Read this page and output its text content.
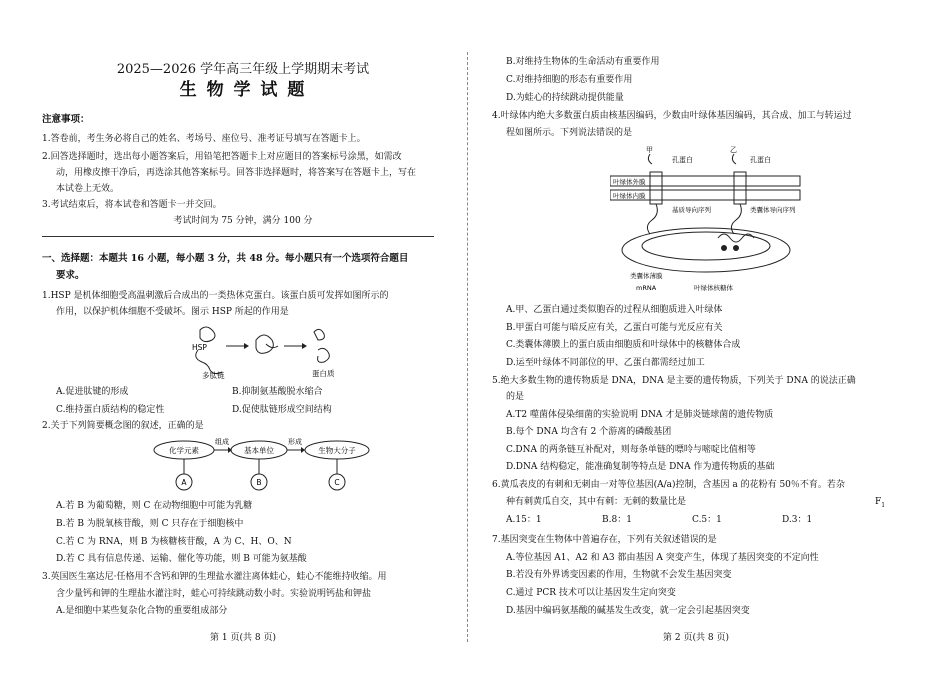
2025—2026 学年高三年级上学期期末考试
生 物 学 试 题
注意事项：
1.答卷前，考生务必将自己的姓名、考场号、座位号、准考证号填写在答题卡上。
2.回答选择题时，选出每小题答案后，用铅笔把答题卡上对应题目的答案标号涂黑，如需改
动，用橡皮擦干净后，再选涂其他答案标号。回答非选择题时，将答案写在答题卡上，写在
本试卷上无效。
3.考试结束后，将本试卷和答题卡一并交回。
考试时间为 75 分钟，满分 100 分
一、选择题：本题共 16 小题，每小题 3 分，共 48 分。每小题只有一个选项符合题目
要求。
1.HSP 是机体细胞受高温刺激后合成出的一类热休克蛋白。该蛋白质可发挥如图所示的
作用，以保护机体细胞不受破坏。图示 HSP 所起的作用是
HSP
多肽链	蛋白质
A.促进肽键的形成	B.抑制氨基酸脱水缩合
C.维持蛋白质结构的稳定性	D.促使肽链形成空间结构
2.关于下列简要概念图的叙述，正确的是
化学元素	基本单位	生物大分子
组成	形成
A	B	C
A.若 B 为葡萄糖，则 C 在动物细胞中可能为乳糖
B.若 B 为脱氧核苷酸，则 C 只存在于细胞核中
C.若 C 为 RNA，则 B 为核糖核苷酸，A 为 C、H、O、N
D.若 C 具有信息传递、运输、催化等功能，则 B 可能为氨基酸
3.英国医生塞达尼·任格用不含钙和钾的生理盐水灌注离体蛙心，蛙心不能维持收缩。用
含少量钙和钾的生理盐水灌注时，蛙心可持续跳动数小时。实验说明钙盐和钾盐
A.是细胞中某些复杂化合物的重要组成部分
第 1 页(共 8 页)
B.对维持生物体的生命活动有重要作用
C.对维持细胞的形态有重要作用
D.为蛙心的持续跳动提供能量
4.叶绿体内绝大多数蛋白质由核基因编码，少数由叶绿体基因编码，其合成、加工与转运过
程如图所示。下列说法错误的是
甲	乙
孔蛋白	孔蛋白
叶绿体外膜
叶绿体内膜
基质导向序列	类囊体导向序列
类囊体薄膜
mRNA	叶绿体核糖体
A.甲、乙蛋白通过类似胞吞的过程从细胞质进入叶绿体
B.甲蛋白可能与暗反应有关，乙蛋白可能与光反应有关
C.类囊体薄膜上的蛋白质由细胞质和叶绿体中的核糖体合成
D.运至叶绿体不同部位的甲、乙蛋白都需经过加工
5.绝大多数生物的遗传物质是 DNA，DNA 是主要的遗传物质，下列关于 DNA 的说法正确
的是
A.T2 噬菌体侵染细菌的实验说明 DNA 才是肺炎链球菌的遗传物质
B.每个 DNA 均含有 2 个游离的磷酸基团
C.DNA 的两条链互补配对，则每条单链的嘌呤与嘧啶比值相等
D.DNA 结构稳定，能准确复制等特点是 DNA 作为遗传物质的基础
6.黄瓜表皮的有刺和无刺由一对等位基因(A/a)控制，含基因 a 的花粉有 50％不育。若杂
种有刺黄瓜自交，其中有刺：无刺的数量比是
A.15：1	B.8：1	C.5：1	D.3：1
$F_1$
7.基因突变在生物体中普遍存在，下列有关叙述错误的是
A.等位基因 A1、A2 和 A3 都由基因 A 突变产生，体现了基因突变的不定向性
B.若没有外界诱变因素的作用，生物就不会发生基因突变
C.通过 PCR 技术可以让基因发生定向突变
D.基因中编码氨基酸的碱基发生改变，就一定会引起基因突变
第 2 页(共 8 页)
